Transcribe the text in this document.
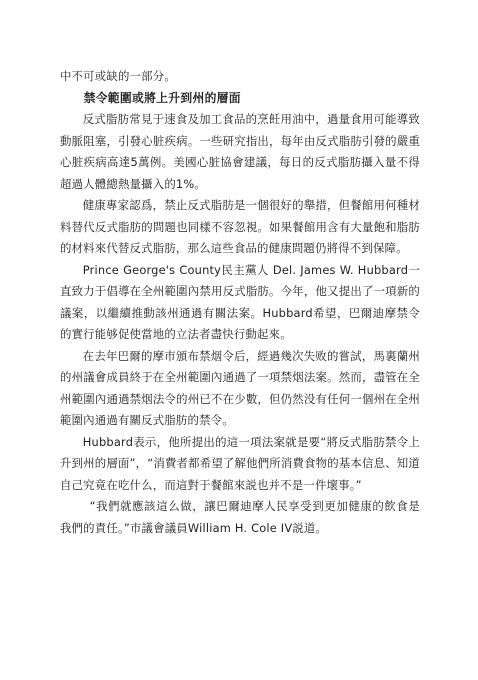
中不可或缺的一部分。

禁令範圍或將上升到州的層面

反式脂肪常見于速食及加工食品的烹飪用油中，過量食用可能導致動脈阻塞，引發心脏疾病。一些研究指出，每年由反式脂肪引發的嚴重心脏疾病高達5萬例。美國心脏協會建議，每日的反式脂肪攝入量不得超過人體總熱量攝入的1%。

健康專家認爲，禁止反式脂肪是一個很好的舉措，但餐館用何種材料替代反式脂肪的問題也同樣不容忽視。如果餐館用含有大量飽和脂肪的材料來代替反式脂肪，那么這些食品的健康問題仍將得不到保障。

Prince George's County民主黨人 Del. James W. Hubbard一直致力于倡導在全州範圍內禁用反式脂肪。今年，他又提出了一項新的議案，以繼續推動該州通過有關法案。Hubbard希望，巴爾迪摩禁令的實行能够促使當地的立法者盡快行動起來。

在去年巴爾的摩市頒布禁烟令后，經過幾次失败的嘗試，馬裏蘭州的州議會成員終于在全州範圍內通過了一項禁烟法案。然而，盡管在全州範圍內通過禁烟法令的州已不在少數，但仍然没有任何一個州在全州範圍內通過有關反式脂肪的禁令。

Hubbard表示，他所提出的這一項法案就是要“將反式脂肪禁令上升到州的層面”，“消費者都希望了解他們所消費食物的基本信息、知道自己究竟在吃什么，而這對于餐館來説也并不是一件壞事。”

“我們就應該這么做，讓巴爾迪摩人民享受到更加健康的飲食是我們的責任。”市議會議員William H. Cole IV説道。
